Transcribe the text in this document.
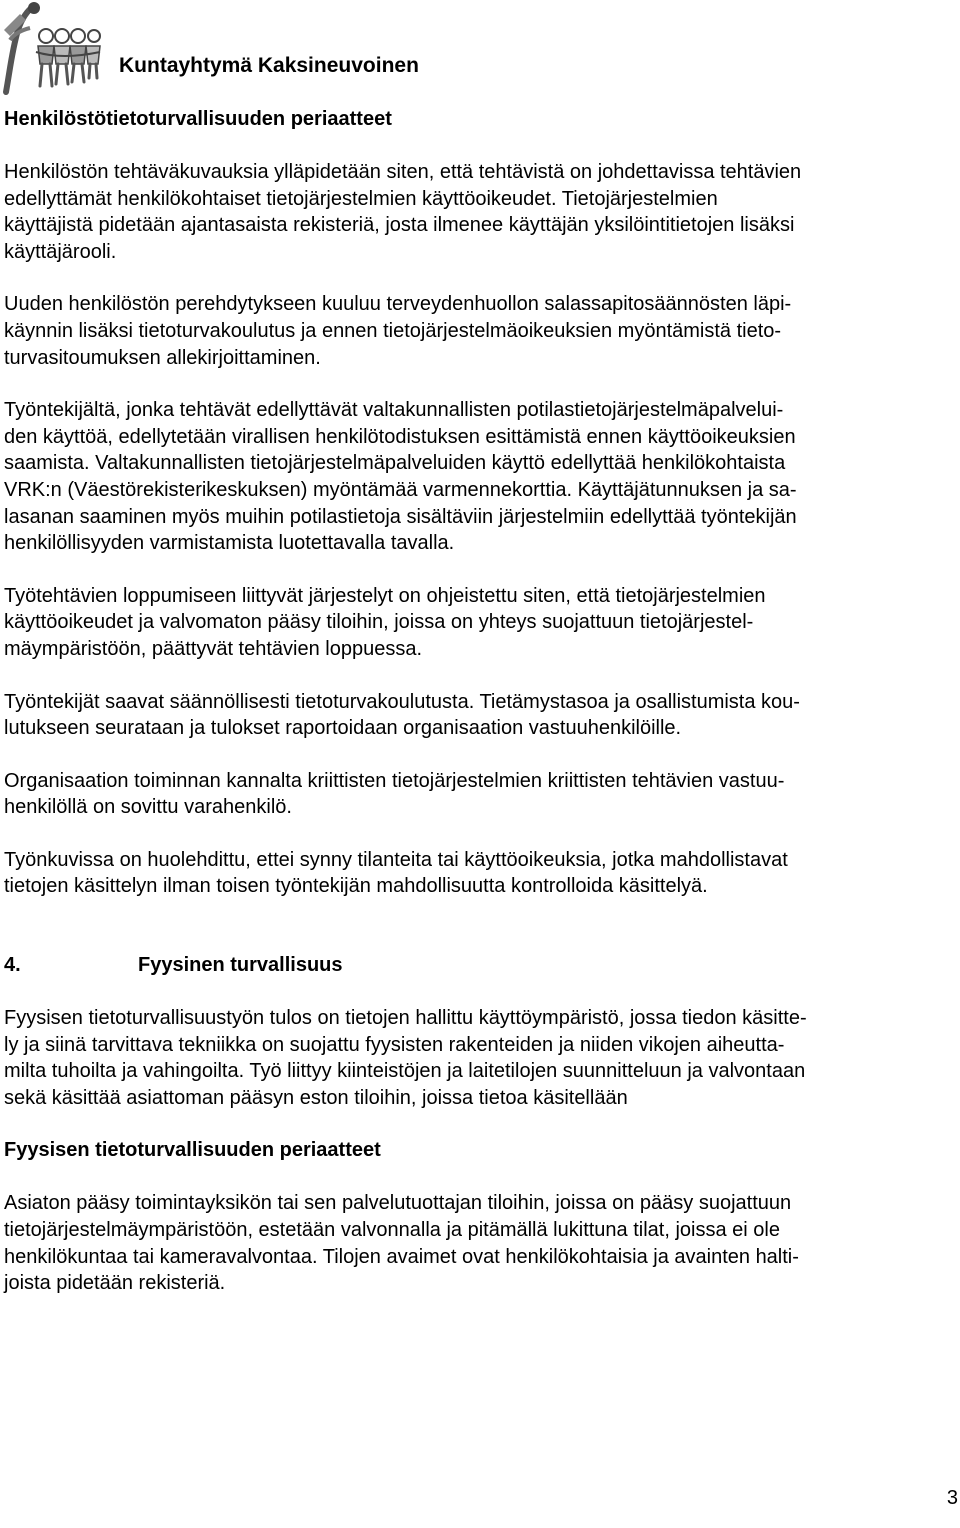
Kuntayhtymä Kaksineuvoinen
Henkilöstötietoturvallisuuden periaatteet

Henkilöstön tehtäväkuvauksia ylläpidetään siten, että tehtävistä on johdettavissa tehtävien

edellyttämät henkilökohtaiset tietojärjestelmien käyttöoikeudet. Tietojärjestelmien

käyttäjistä pidetään ajantasaista rekisteriä, josta ilmenee käyttäjän yksilöintitietojen lisäksi

käyttäjärooli.

Uuden henkilöstön perehdytykseen kuuluu terveydenhuollon salassapitosäännösten läpi-

käynnin lisäksi tietoturvakoulutus ja ennen tietojärjestelmäoikeuksien myöntämistä tieto-

turvasitoumuksen allekirjoittaminen.

Työntekijältä, jonka tehtävät edellyttävät valtakunnallisten potilastietojärjestelmäpalvelui-

den käyttöä, edellytetään virallisen henkilötodistuksen esittämistä ennen käyttöoikeuksien

saamista. Valtakunnallisten tietojärjestelmäpalveluiden käyttö edellyttää henkilökohtaista

VRK:n (Väestörekisterikeskuksen) myöntämää varmennekorttia. Käyttäjätunnuksen ja sa-

lasanan saaminen myös muihin potilastietoja sisältäviin järjestelmiin edellyttää työntekijän

henkilöllisyyden varmistamista luotettavalla tavalla.

Työtehtävien loppumiseen liittyvät järjestelyt on ohjeistettu siten, että tietojärjestelmien

käyttöoikeudet ja valvomaton pääsy tiloihin, joissa on yhteys suojattuun tietojärjestel-

mäympäristöön, päättyvät tehtävien loppuessa.

Työntekijät saavat säännöllisesti tietoturvakoulutusta. Tietämystasoa ja osallistumista kou-

lutukseen seurataan ja tulokset raportoidaan organisaation vastuuhenkilöille.

Organisaation toiminnan kannalta kriittisten tietojärjestelmien kriittisten tehtävien vastuu-

henkilöllä on sovittu varahenkilö.

Työnkuvissa on huolehdittu, ettei synny tilanteita tai käyttöoikeuksia, jotka mahdollistavat

tietojen käsittelyn ilman toisen työntekijän mahdollisuutta kontrolloida käsittelyä.

4.	Fyysinen turvallisuus

Fyysisen tietoturvallisuustyön tulos on tietojen hallittu käyttöympäristö, jossa tiedon käsitte-

ly ja siinä tarvittava tekniikka on suojattu fyysisten rakenteiden ja niiden vikojen aiheutta-

milta tuhoilta ja vahingoilta. Työ liittyy kiinteistöjen ja laitetilojen suunnitteluun ja valvontaan

sekä käsittää asiattoman pääsyn eston tiloihin, joissa tietoa käsitellään

Fyysisen tietoturvallisuuden periaatteet

Asiaton pääsy toimintayksikön tai sen palvelutuottajan tiloihin, joissa on pääsy suojattuun

tietojärjestelmäympäristöön, estetään valvonnalla ja pitämällä lukittuna tilat, joissa ei ole

henkilökuntaa tai kameravalvontaa. Tilojen avaimet ovat henkilökohtaisia ja avainten halti-

joista pidetään rekisteriä.

3
